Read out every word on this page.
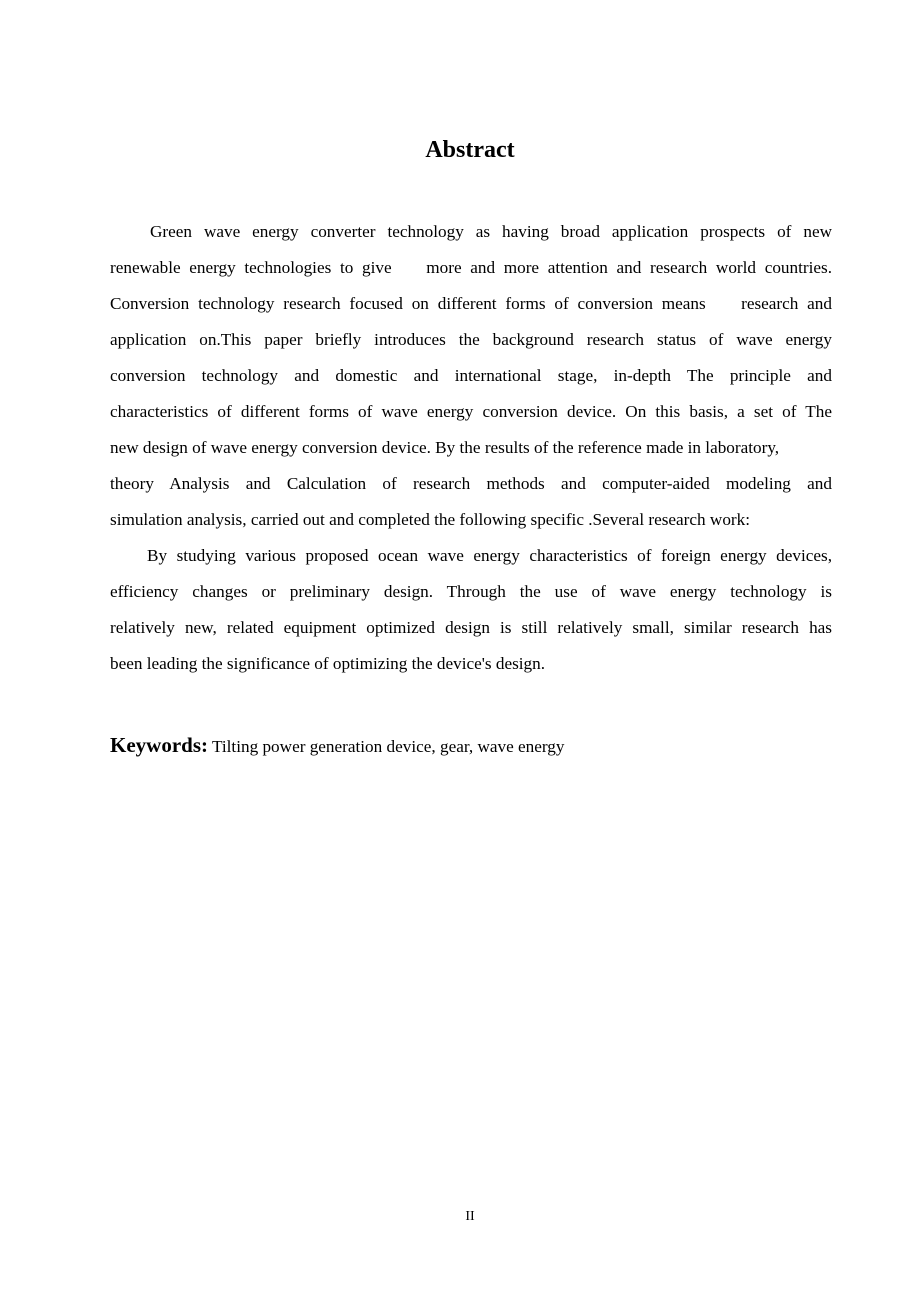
Abstract
Green wave energy converter technology as having broad application prospects of new
renewable energy technologies to give    more and more attention and research world countries.
Conversion technology research focused on different forms of conversion means    research and
application on.This paper briefly introduces the background research status of wave energy
conversion technology and domestic and international stage, in-depth The principle and
characteristics of different forms of wave energy conversion device. On this basis, a set of The
new design of wave energy conversion device. By the results of the reference made in laboratory,
theory Analysis and Calculation of research methods and computer-aided modeling and
simulation analysis, carried out and completed the following specific .Several research work:
By studying various proposed ocean wave energy characteristics of foreign energy devices,
efficiency changes or preliminary design. Through the use of wave energy technology is
relatively new, related equipment optimized design is still relatively small, similar research has
been leading the significance of optimizing the device's design.
Keywords: Tilting power generation device, gear, wave energy
II
